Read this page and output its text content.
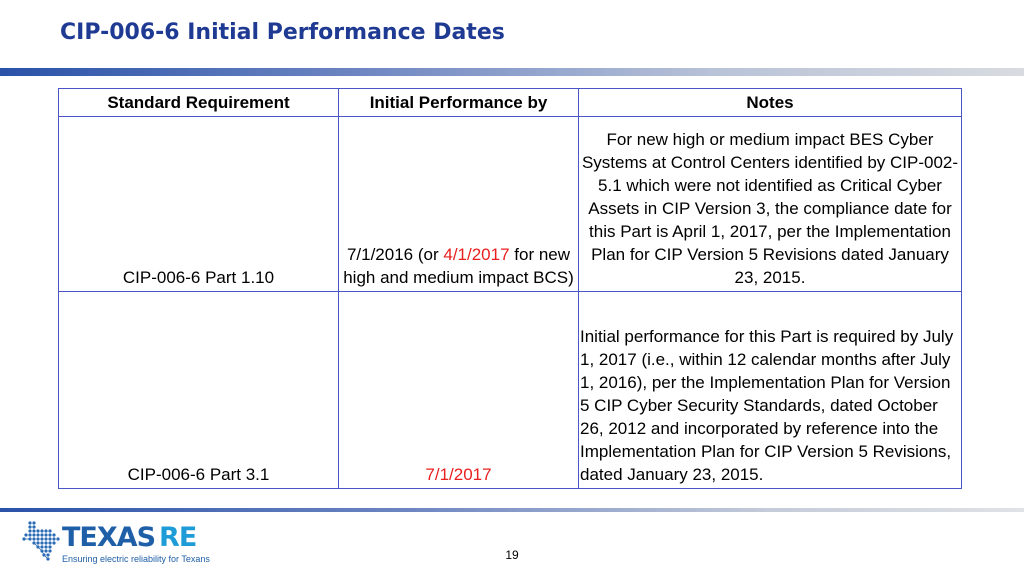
CIP-006-6 Initial Performance Dates
Standard Requirement	Initial Performance by	Notes
CIP-006-6 Part 1.10	7/1/2016 (or 4/1/2017 for new high and medium impact BCS)	For new high or medium impact BES Cyber Systems at Control Centers identified by CIP-002-5.1 which were not identified as Critical Cyber Assets in CIP Version 3, the compliance date for this Part is April 1, 2017, per the Implementation Plan for CIP Version 5 Revisions dated January 23, 2015.
CIP-006-6 Part 3.1	7/1/2017	Initial performance for this Part is required by July 1, 2017 (i.e., within 12 calendar months after July 1, 2016), per the Implementation Plan for Version 5 CIP Cyber Security Standards, dated October 26, 2012 and incorporated by reference into the Implementation Plan for CIP Version 5 Revisions, dated January 23, 2015.
TEXAS RE
Ensuring electric reliability for Texans	19
